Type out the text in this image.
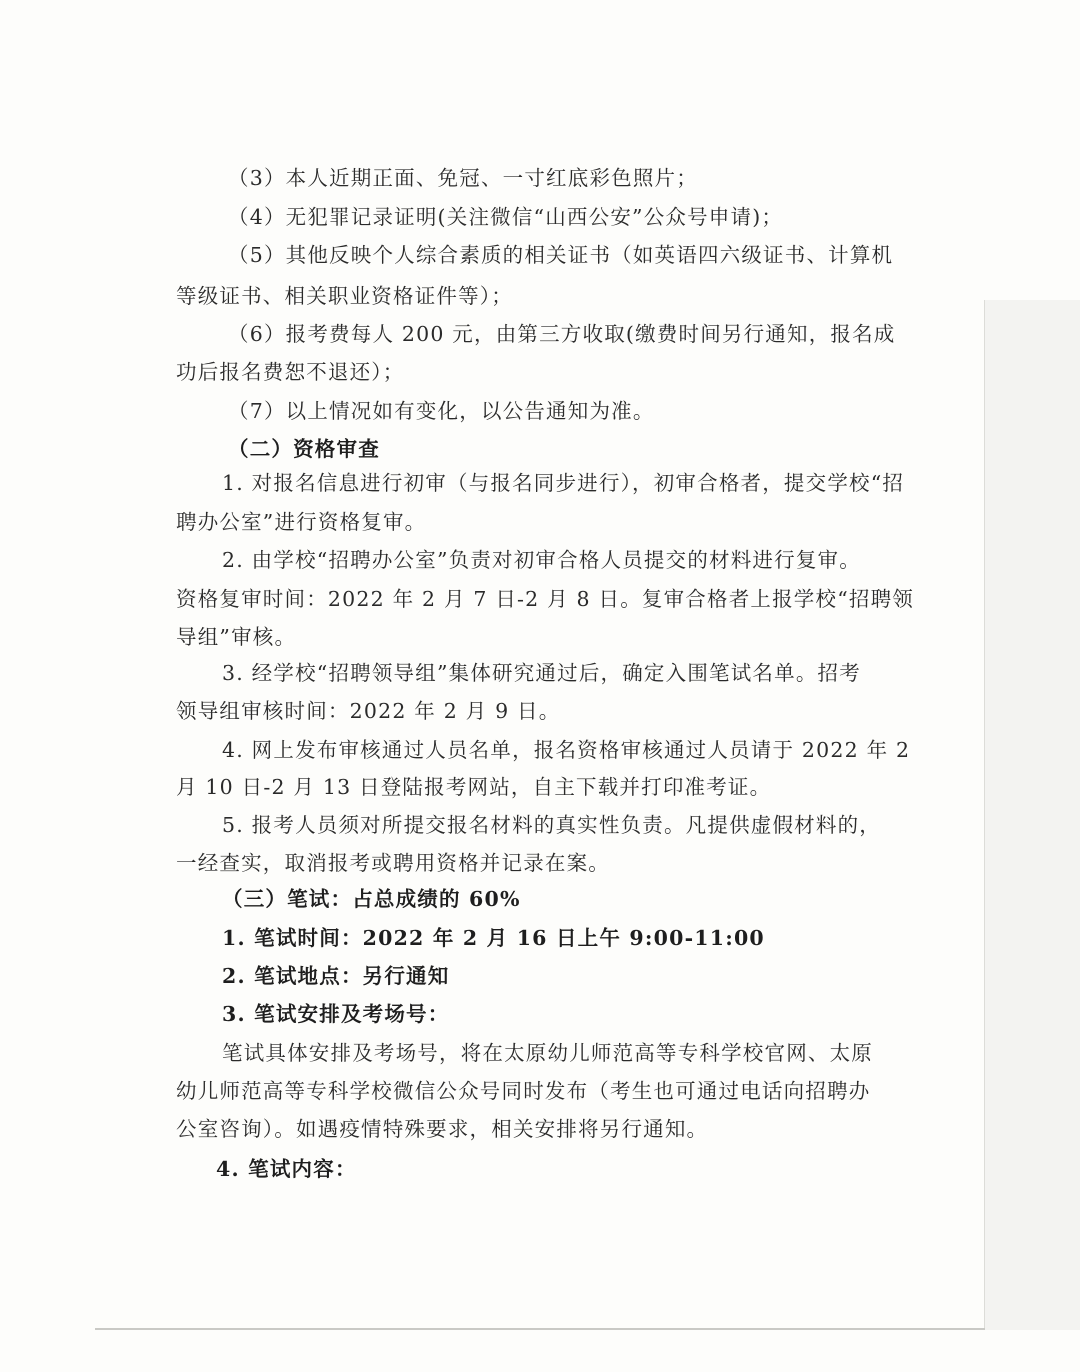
（3）本人近期正面、免冠、一寸红底彩色照片；
（4）无犯罪记录证明(关注微信“山西公安”公众号申请)；
（5）其他反映个人综合素质的相关证书（如英语四六级证书、计算机
等级证书、相关职业资格证件等）；
（6）报考费每人 200 元，由第三方收取(缴费时间另行通知，报名成
功后报名费恕不退还）；
（7）以上情况如有变化，以公告通知为准。
（二）资格审查
1. 对报名信息进行初审（与报名同步进行），初审合格者，提交学校“招
聘办公室”进行资格复审。
2. 由学校“招聘办公室”负责对初审合格人员提交的材料进行复审。
资格复审时间：2022 年 2 月 7 日-2 月 8 日。复审合格者上报学校“招聘领
导组”审核。
3. 经学校“招聘领导组”集体研究通过后，确定入围笔试名单。招考
领导组审核时间：2022 年 2 月 9 日。
4. 网上发布审核通过人员名单，报名资格审核通过人员请于 2022 年 2
月 10 日-2 月 13 日登陆报考网站，自主下载并打印准考证。
5. 报考人员须对所提交报名材料的真实性负责。凡提供虚假材料的，
一经查实，取消报考或聘用资格并记录在案。
（三）笔试：占总成绩的 60%
1. 笔试时间：2022 年 2 月 16 日上午 9:00-11:00
2. 笔试地点：另行通知
3. 笔试安排及考场号：
笔试具体安排及考场号，将在太原幼儿师范高等专科学校官网、太原
幼儿师范高等专科学校微信公众号同时发布（考生也可通过电话向招聘办
公室咨询）。如遇疫情特殊要求，相关安排将另行通知。
4. 笔试内容：
